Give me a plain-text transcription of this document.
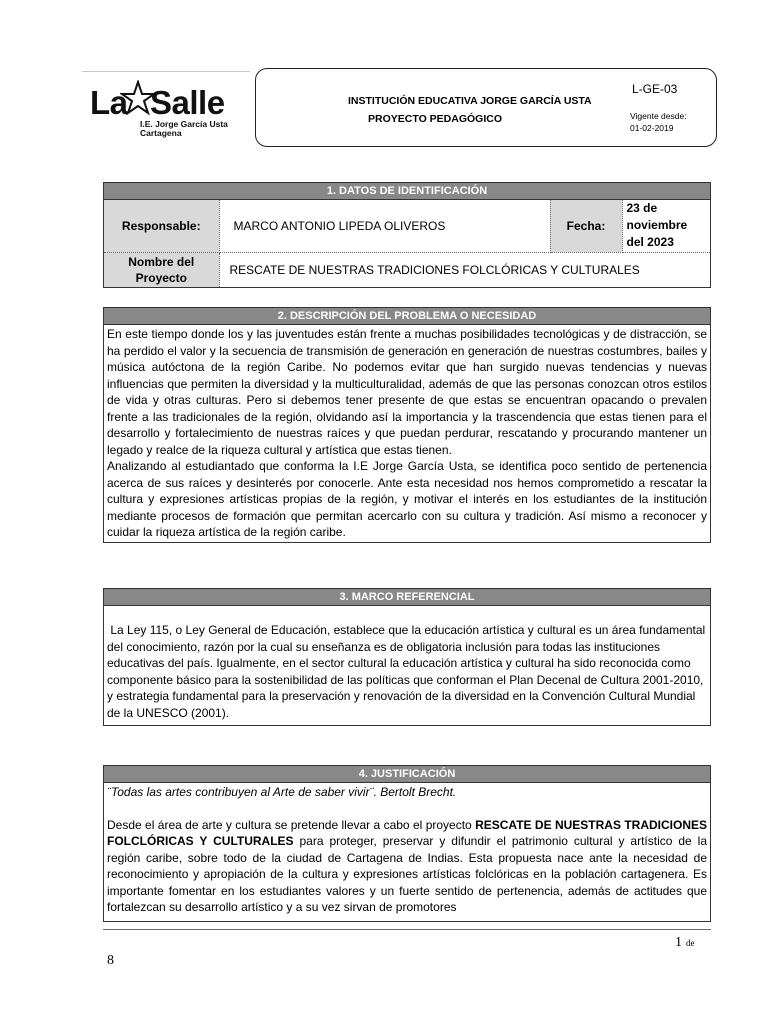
La Salle
I.E. Jorge García Usta
Cartagena
INSTITUCIÓN EDUCATIVA JORGE GARCÍA USTA
PROYECTO PEDAGÓGICO
L-GE-03
Vigente desde:
01-02-2019
1. DATOS DE IDENTIFICACIÓN
Responsable:	MARCO ANTONIO LIPEDA OLIVEROS	Fecha:	23 de noviembre del 2023
Nombre del Proyecto	RESCATE DE NUESTRAS TRADICIONES FOLCLÓRICAS Y CULTURALES		
2. DESCRIPCIÓN DEL PROBLEMA O NECESIDAD

En este tiempo donde los y las juventudes están frente a muchas posibilidades tecnológicas y de distracción, se ha perdido el valor y la secuencia de transmisión de generación en generación de nuestras costumbres, bailes y música autóctona de la región Caribe. No podemos evitar que han surgido nuevas tendencias y nuevas influencias que permiten la diversidad y la multiculturalidad, además de que las personas conozcan otros estilos de vida y otras culturas. Pero si debemos tener presente de que estas se encuentran opacando o prevalen frente a las tradicionales de la región, olvidando así la importancia y la trascendencia que estas tienen para el desarrollo y fortalecimiento de nuestras raíces y que puedan perdurar, rescatando y procurando mantener un legado y realce de la riqueza cultural y artística que estas tienen.

Analizando al estudiantado que conforma la I.E Jorge García Usta, se identifica poco sentido de pertenencia acerca de sus raíces y desinterés por conocerle. Ante esta necesidad nos hemos comprometido a rescatar la cultura y expresiones artísticas propias de la región, y motivar el interés en los estudiantes de la institución mediante procesos de formación que permitan acercarlo con su cultura y tradición. Así mismo a reconocer y cuidar la riqueza artística de la región caribe.

3. MARCO REFERENCIAL

La Ley 115, o Ley General de Educación, establece que la educación artística y cultural es un área fundamental del conocimiento, razón por la cual su enseñanza es de obligatoria inclusión para todas las instituciones educativas del país. Igualmente, en el sector cultural la educación artística y cultural ha sido reconocida como componente básico para la sostenibilidad de las políticas que conforman el Plan Decenal de Cultura 2001-2010, y estrategia fundamental para la preservación y renovación de la diversidad en la Convención Cultural Mundial de la UNESCO (2001).

4. JUSTIFICACIÓN

¨Todas las artes contribuyen al Arte de saber vivir¨. Bertolt Brecht.

Desde el área de arte y cultura se pretende llevar a cabo el proyecto RESCATE DE NUESTRAS TRADICIONES FOLCLÓRICAS Y CULTURALES para proteger, preservar y difundir el patrimonio cultural y artístico de la región caribe, sobre todo de la ciudad de Cartagena de Indias. Esta propuesta nace ante la necesidad de reconocimiento y apropiación de la cultura y expresiones artísticas folclóricas en la población cartagenera. Es importante fomentar en los estudiantes valores y un fuerte sentido de pertenencia, además de actitudes que fortalezcan su desarrollo artístico y a su vez sirvan de promotores

1 de
8
